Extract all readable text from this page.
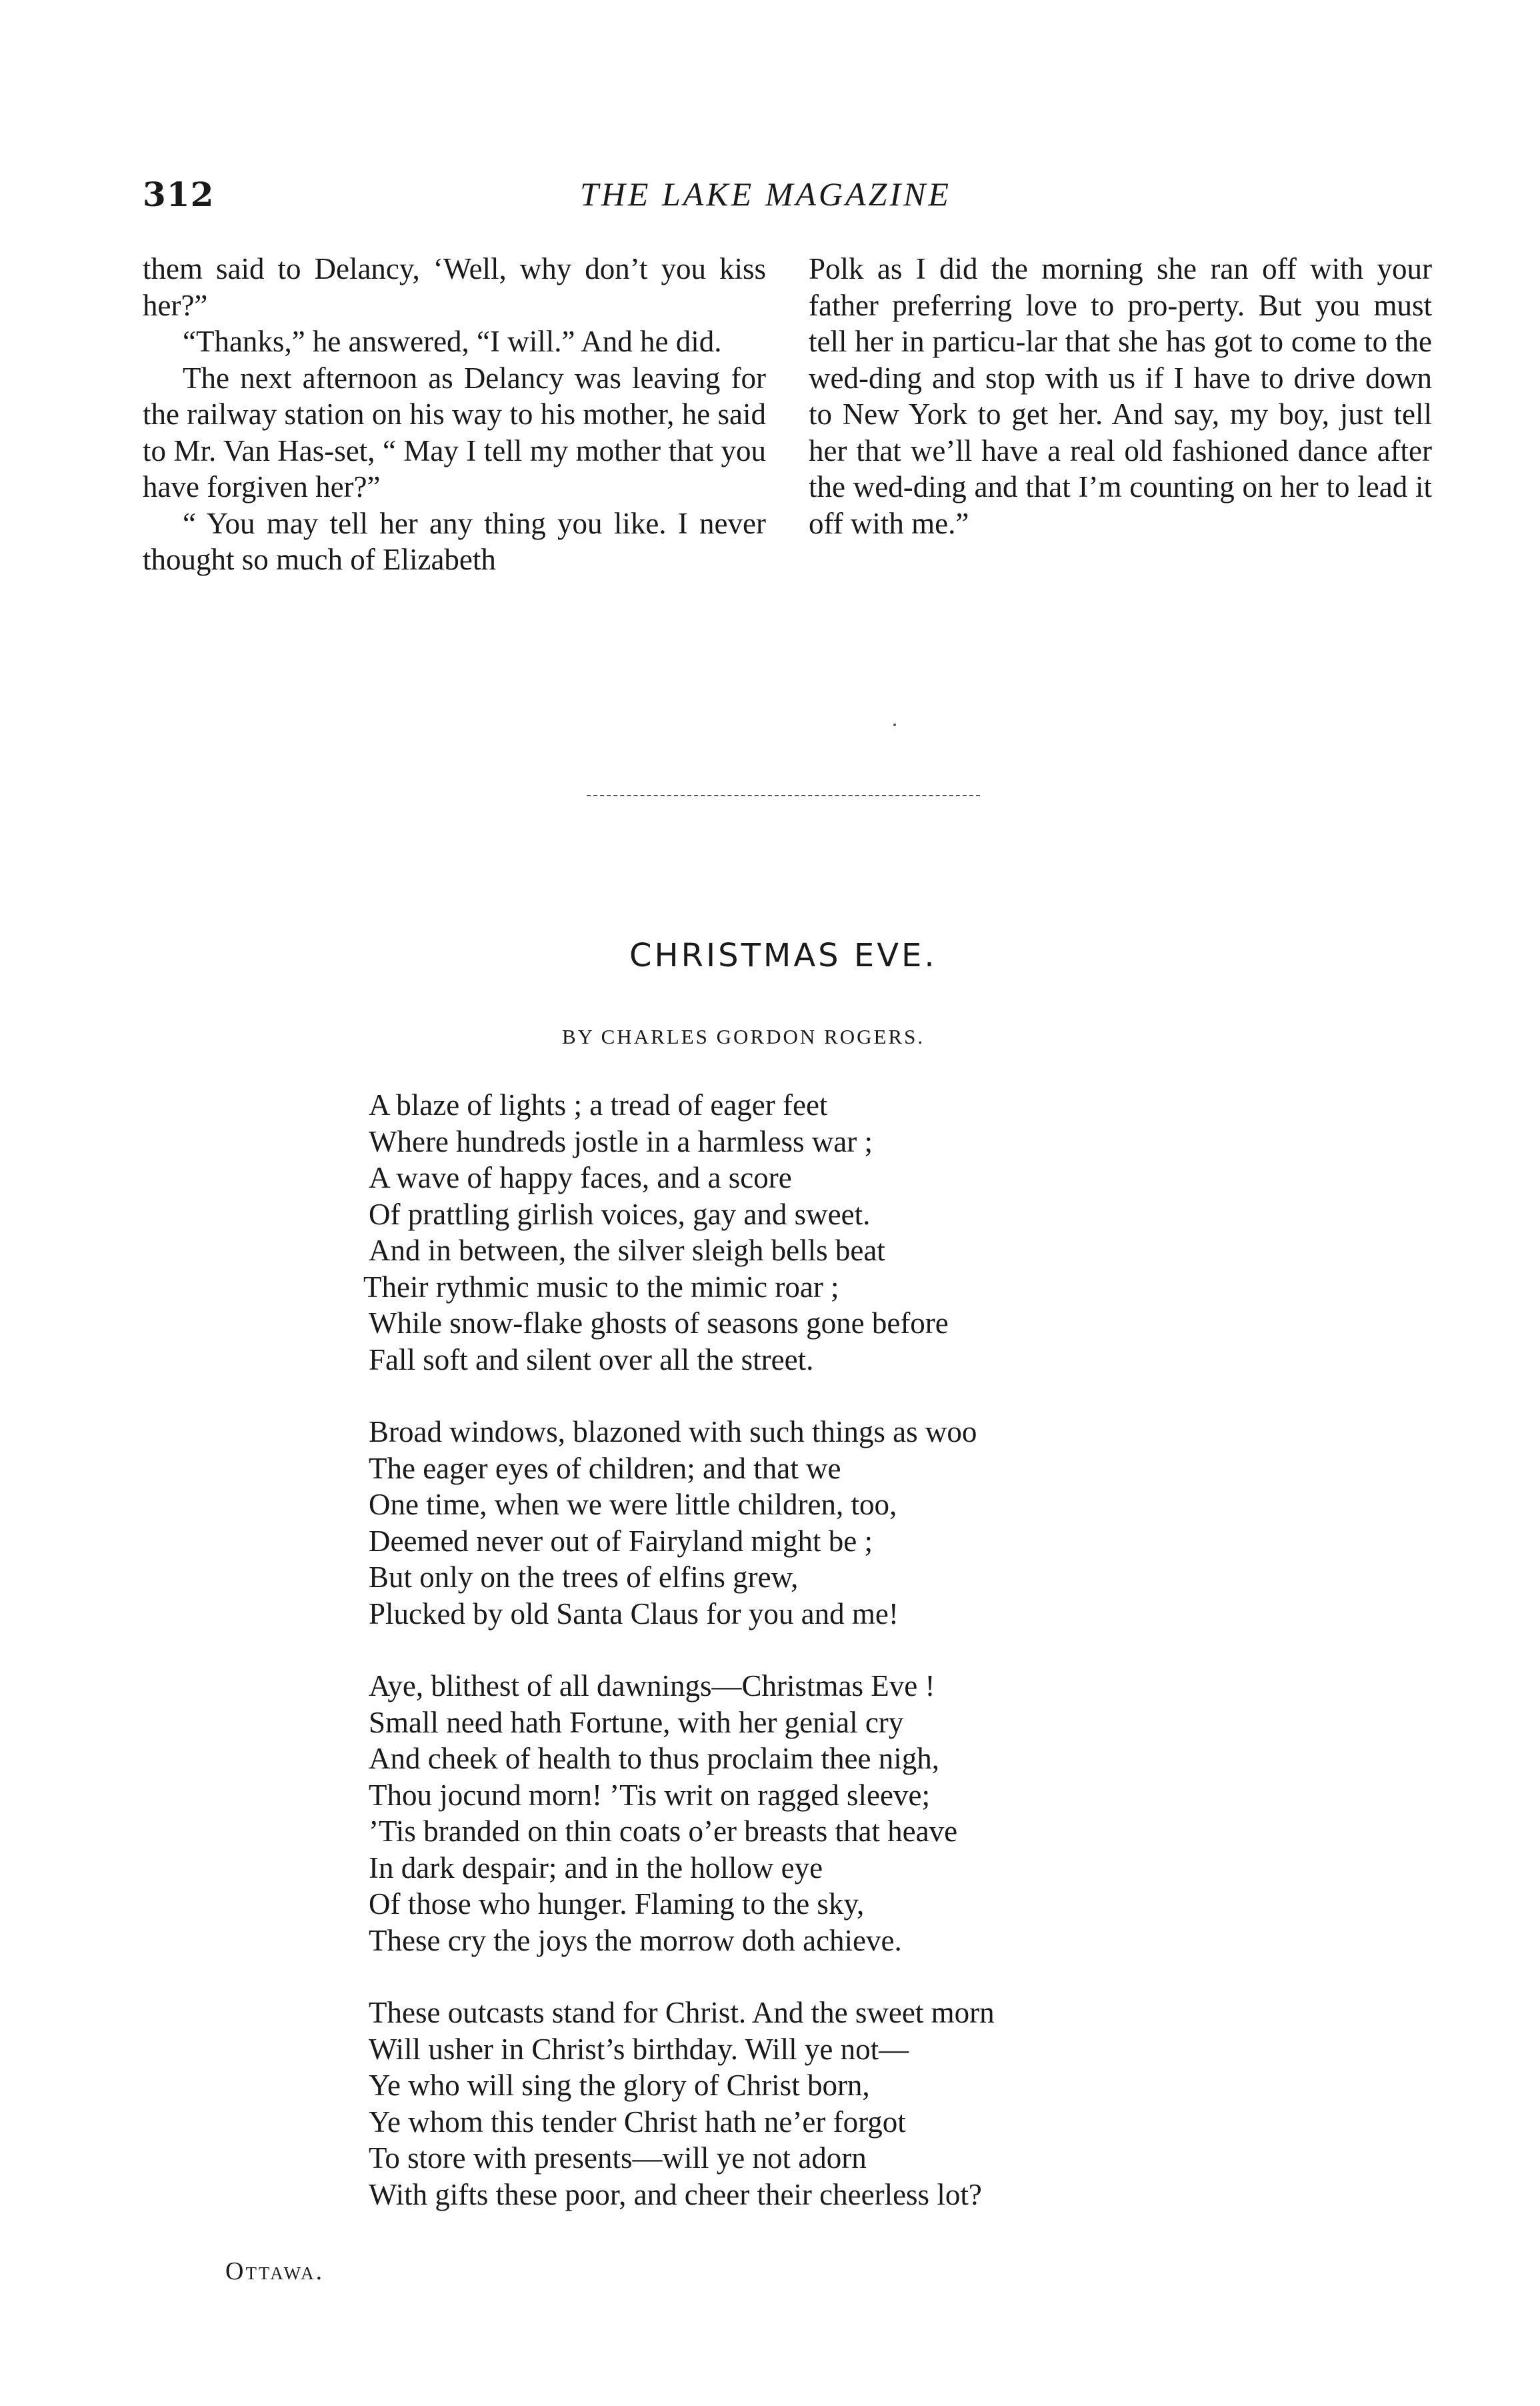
312	THE LAKE MAGAZINE

them said to Delancy, ‘Well, why don’t you kiss her?”

“Thanks,” he answered, “I will.” And he did.

The next afternoon as Delancy was leaving for the railway station on his way to his mother, he said to Mr. Van Has-set, “ May I tell my mother that you have forgiven her?”

“ You may tell her any thing you like. I never thought so much of Elizabeth

Polk as I did the morning she ran off with your father preferring love to pro-perty. But you must tell her in particu-lar that she has got to come to the wed-ding and stop with us if I have to drive down to New York to get her. And say, my boy, just tell her that we’ll have a real old fashioned dance after the wed-ding and that I’m counting on her to lead it off with me.”

CHRISTMAS EVE.
BY CHARLES GORDON ROGERS.
A blaze of lights ; a tread of eager feet
Where hundreds jostle in a harmless war ;
A wave of happy faces, and a score
Of prattling girlish voices, gay and sweet.
And in between, the silver sleigh bells beat
Their rythmic music to the mimic roar ;
While snow-flake ghosts of seasons gone before
Fall soft and silent over all the street.
Broad windows, blazoned with such things as woo
The eager eyes of children; and that we
One time, when we were little children, too,
Deemed never out of Fairyland might be ;
But only on the trees of elfins grew,
Plucked by old Santa Claus for you and me!
Aye, blithest of all dawnings—Christmas Eve !
Small need hath Fortune, with her genial cry
And cheek of health to thus proclaim thee nigh,
Thou jocund morn! ’Tis writ on ragged sleeve;
’Tis branded on thin coats o’er breasts that heave
In dark despair; and in the hollow eye
Of those who hunger. Flaming to the sky,
These cry the joys the morrow doth achieve.
These outcasts stand for Christ. And the sweet morn
Will usher in Christ’s birthday. Will ye not—
Ye who will sing the glory of Christ born,
Ye whom this tender Christ hath ne’er forgot
To store with presents—will ye not adorn
With gifts these poor, and cheer their cheerless lot?
Ottawa.
